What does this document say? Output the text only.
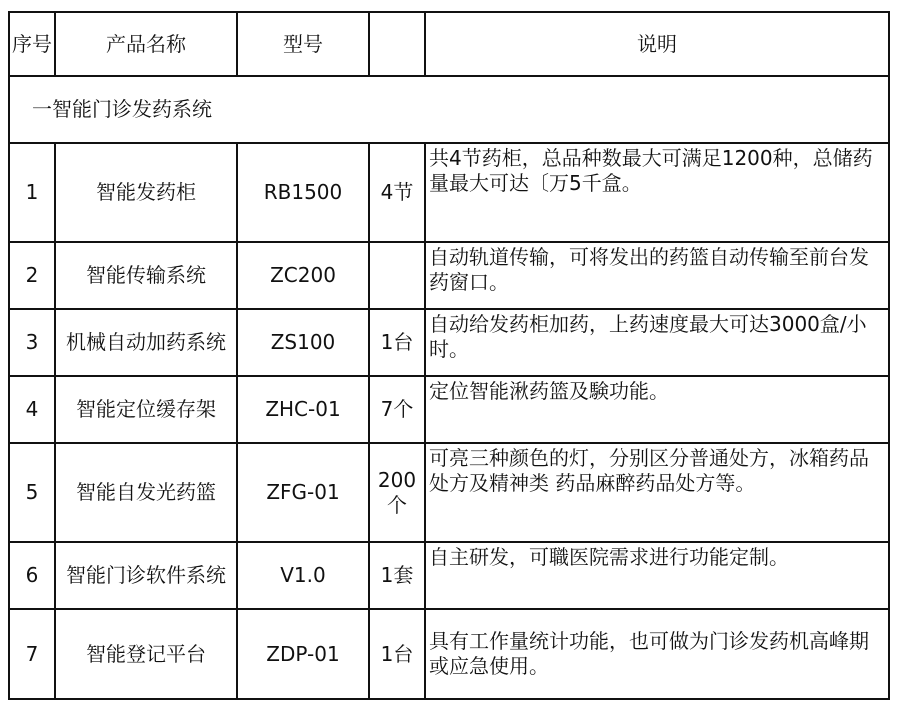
序号	产品名称	型号		说明
一智能门诊发药系统				
1	智能发药柜	RB1500	4节	共4节药柜，总品种数最大可满足1200种，总储药量最大可达〔万5千盒。
2	智能传输系统	ZC200		自动轨道传输，可将发出的药篮自动传输至前台发药窗口。
3	机械自动加药系统	ZS100	1台	自动给发药柜加药，上药速度最大可达3000盒/小时。
4	智能定位缓存架	ZHC-01	7个	定位智能湫药篮及験功能。
5	智能自发光药篮	ZFG-01	200个	可亮三种颜色的灯，分别区分普通处方，冰箱药品处方及精神类 药品麻醉药品处方等。
6	智能门诊软件系统	V1.0	1套	自主研发，可職医院需求进行功能定制。
7	智能登记平台	ZDP-01	1台	具有工作量统计功能，也可做为门诊发药机高峰期或应急使用。
